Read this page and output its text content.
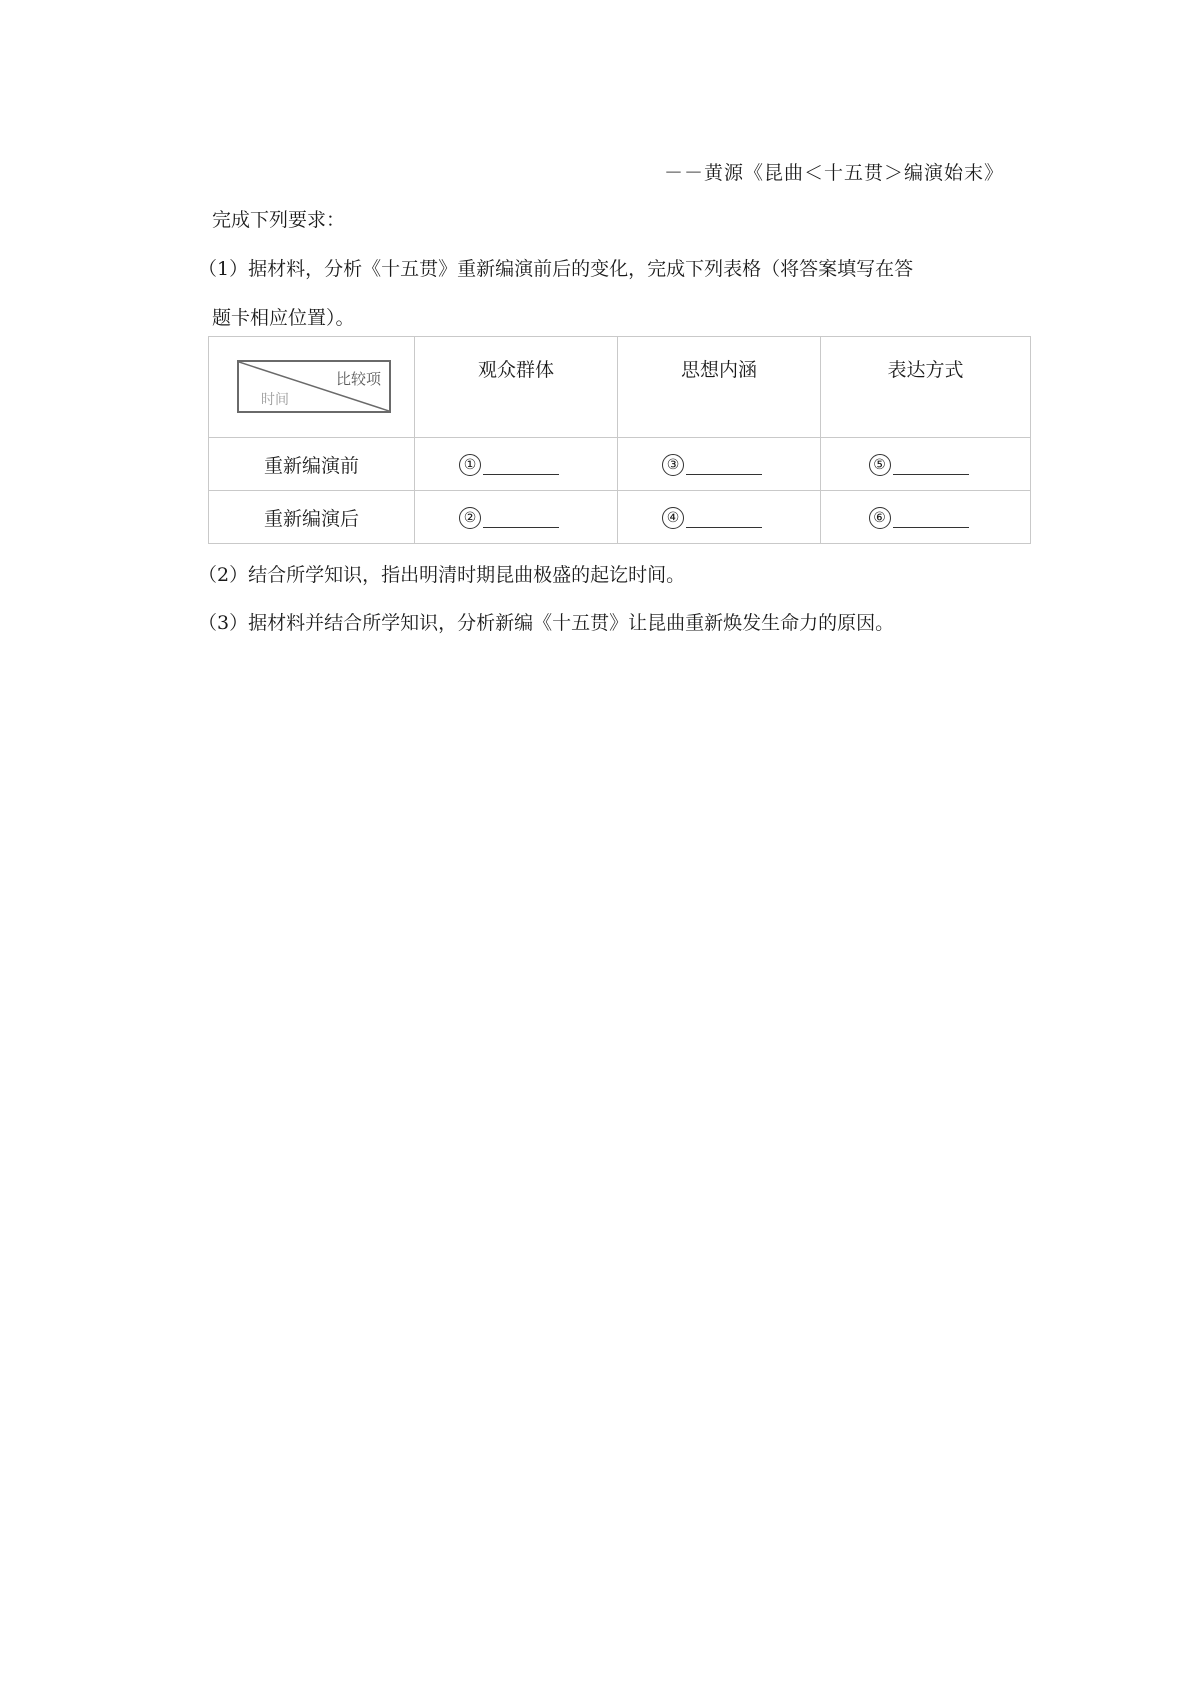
－－黄源《昆曲＜十五贯＞编演始末》
完成下列要求：
（1）据材料，分析《十五贯》重新编演前后的变化，完成下列表格（将答案填写在答
题卡相应位置）。
比较项
时间	观众群体	思想内涵	表达方式

重新编演前	①	③	⑤
重新编演后	②	④	⑥
（2）结合所学知识，指出明清时期昆曲极盛的起讫时间。
（3）据材料并结合所学知识，分析新编《十五贯》让昆曲重新焕发生命力的原因。
